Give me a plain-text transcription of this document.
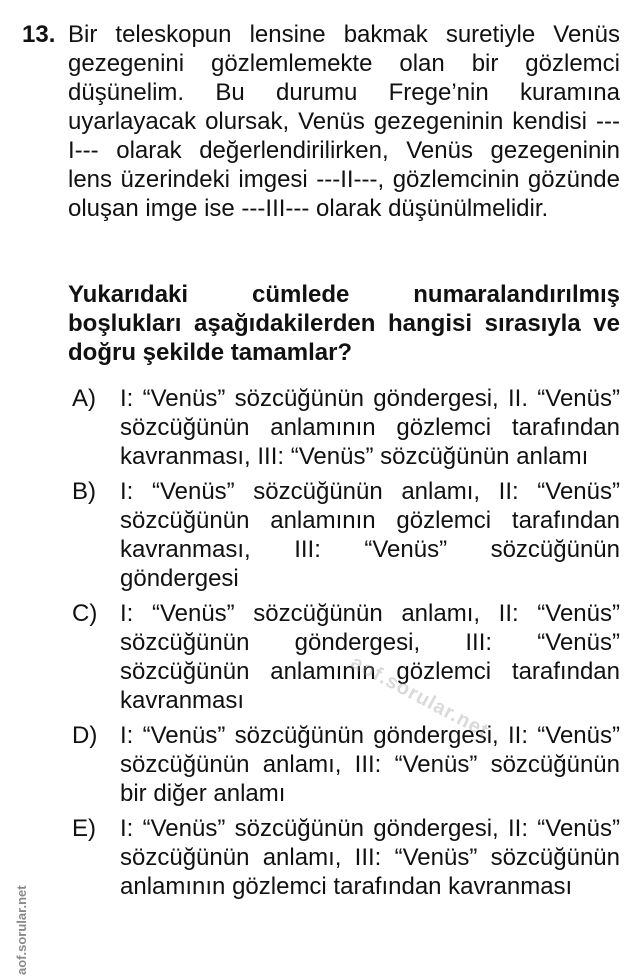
13. Bir teleskopun lensine bakmak suretiyle Venüs gezegenini gözlemlemekte olan bir gözlemci düşünelim. Bu durumu Frege’nin kuramına uyarlayacak olursak, Venüs gezegeninin kendisi ---I--- olarak değerlendirilirken, Venüs gezegeninin lens üzerindeki imgesi ---II---, gözlemcinin gözünde oluşan imge ise ---III--- olarak düşünülmelidir.
Yukarıdaki cümlede numaralandırılmış boşlukları aşağıdakilerden hangisi sırasıyla ve doğru şekilde tamamlar?
A) I: “Venüs” sözcüğünün göndergesi, II. “Venüs” sözcüğünün anlamının gözlemci tarafından kavranması, III: “Venüs” sözcüğünün anlamı
B) I: “Venüs” sözcüğünün anlamı, II: “Venüs” sözcüğünün anlamının gözlemci tarafından kavranması, III: “Venüs” sözcüğünün göndergesi
C) I: “Venüs” sözcüğünün anlamı, II: “Venüs” sözcüğünün göndergesi, III: “Venüs” sözcüğünün anlamının gözlemci tarafından kavranması
D) I: “Venüs” sözcüğünün göndergesi, II: “Venüs” sözcüğünün anlamı, III: “Venüs” sözcüğünün bir diğer anlamı
E) I: “Venüs” sözcüğünün göndergesi, II: “Venüs” sözcüğünün anlamı, III: “Venüs” sözcüğünün anlamının gözlemci tarafından kavranması
aof.sorular.net
aof.sorular.net
